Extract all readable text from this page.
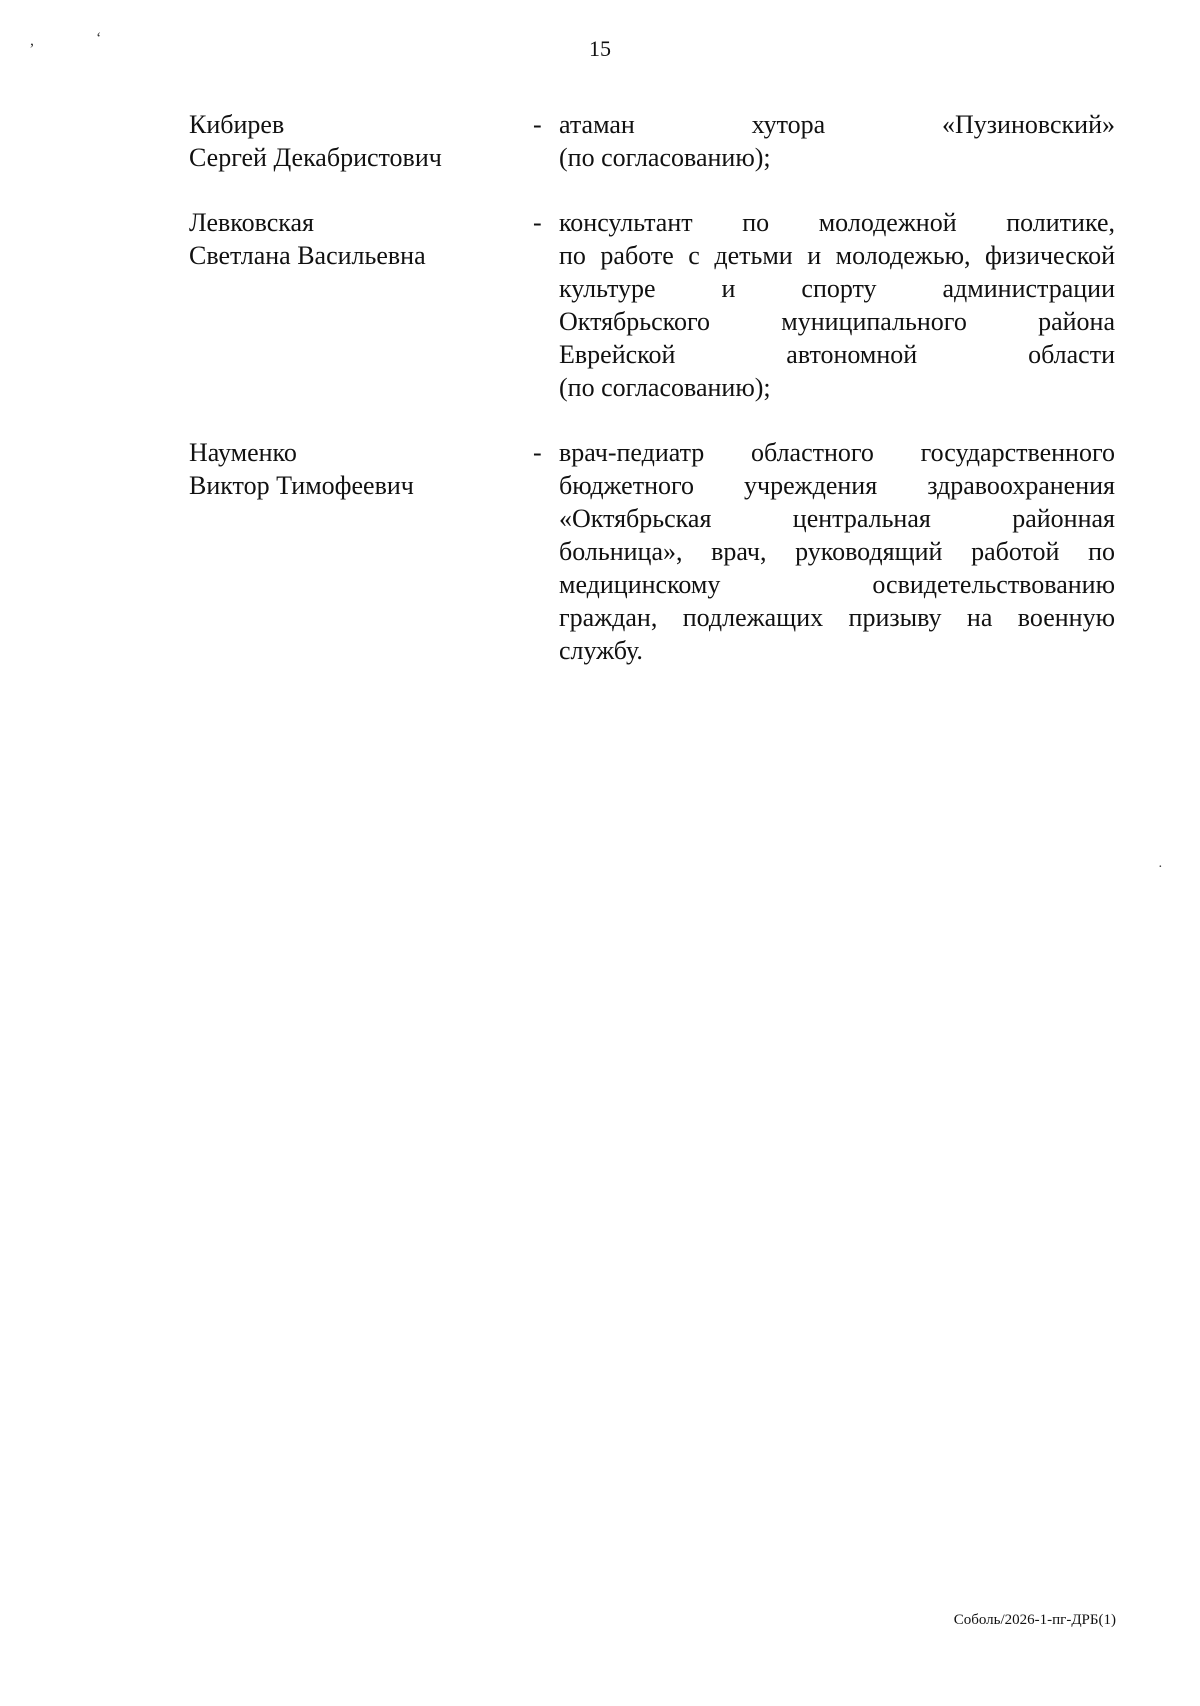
,	‘
·
15
Кибирев
Сергей Декабристович
- атаман хутора «Пузиновский»
(по согласованию);
Левковская
Светлана Васильевна
- консультант по молодежной политике,
по работе с детьми и молодежью, физической
культуре и спорту администрации
Октябрьского муниципального района
Еврейской автономной области
(по согласованию);
Науменко
Виктор Тимофеевич
- врач-педиатр областного государственного
бюджетного учреждения здравоохранения
«Октябрьская центральная районная
больница», врач, руководящий работой по
медицинскому освидетельствованию
граждан, подлежащих призыву на военную
службу.
Соболь/2026-1-пг-ДРБ(1)
